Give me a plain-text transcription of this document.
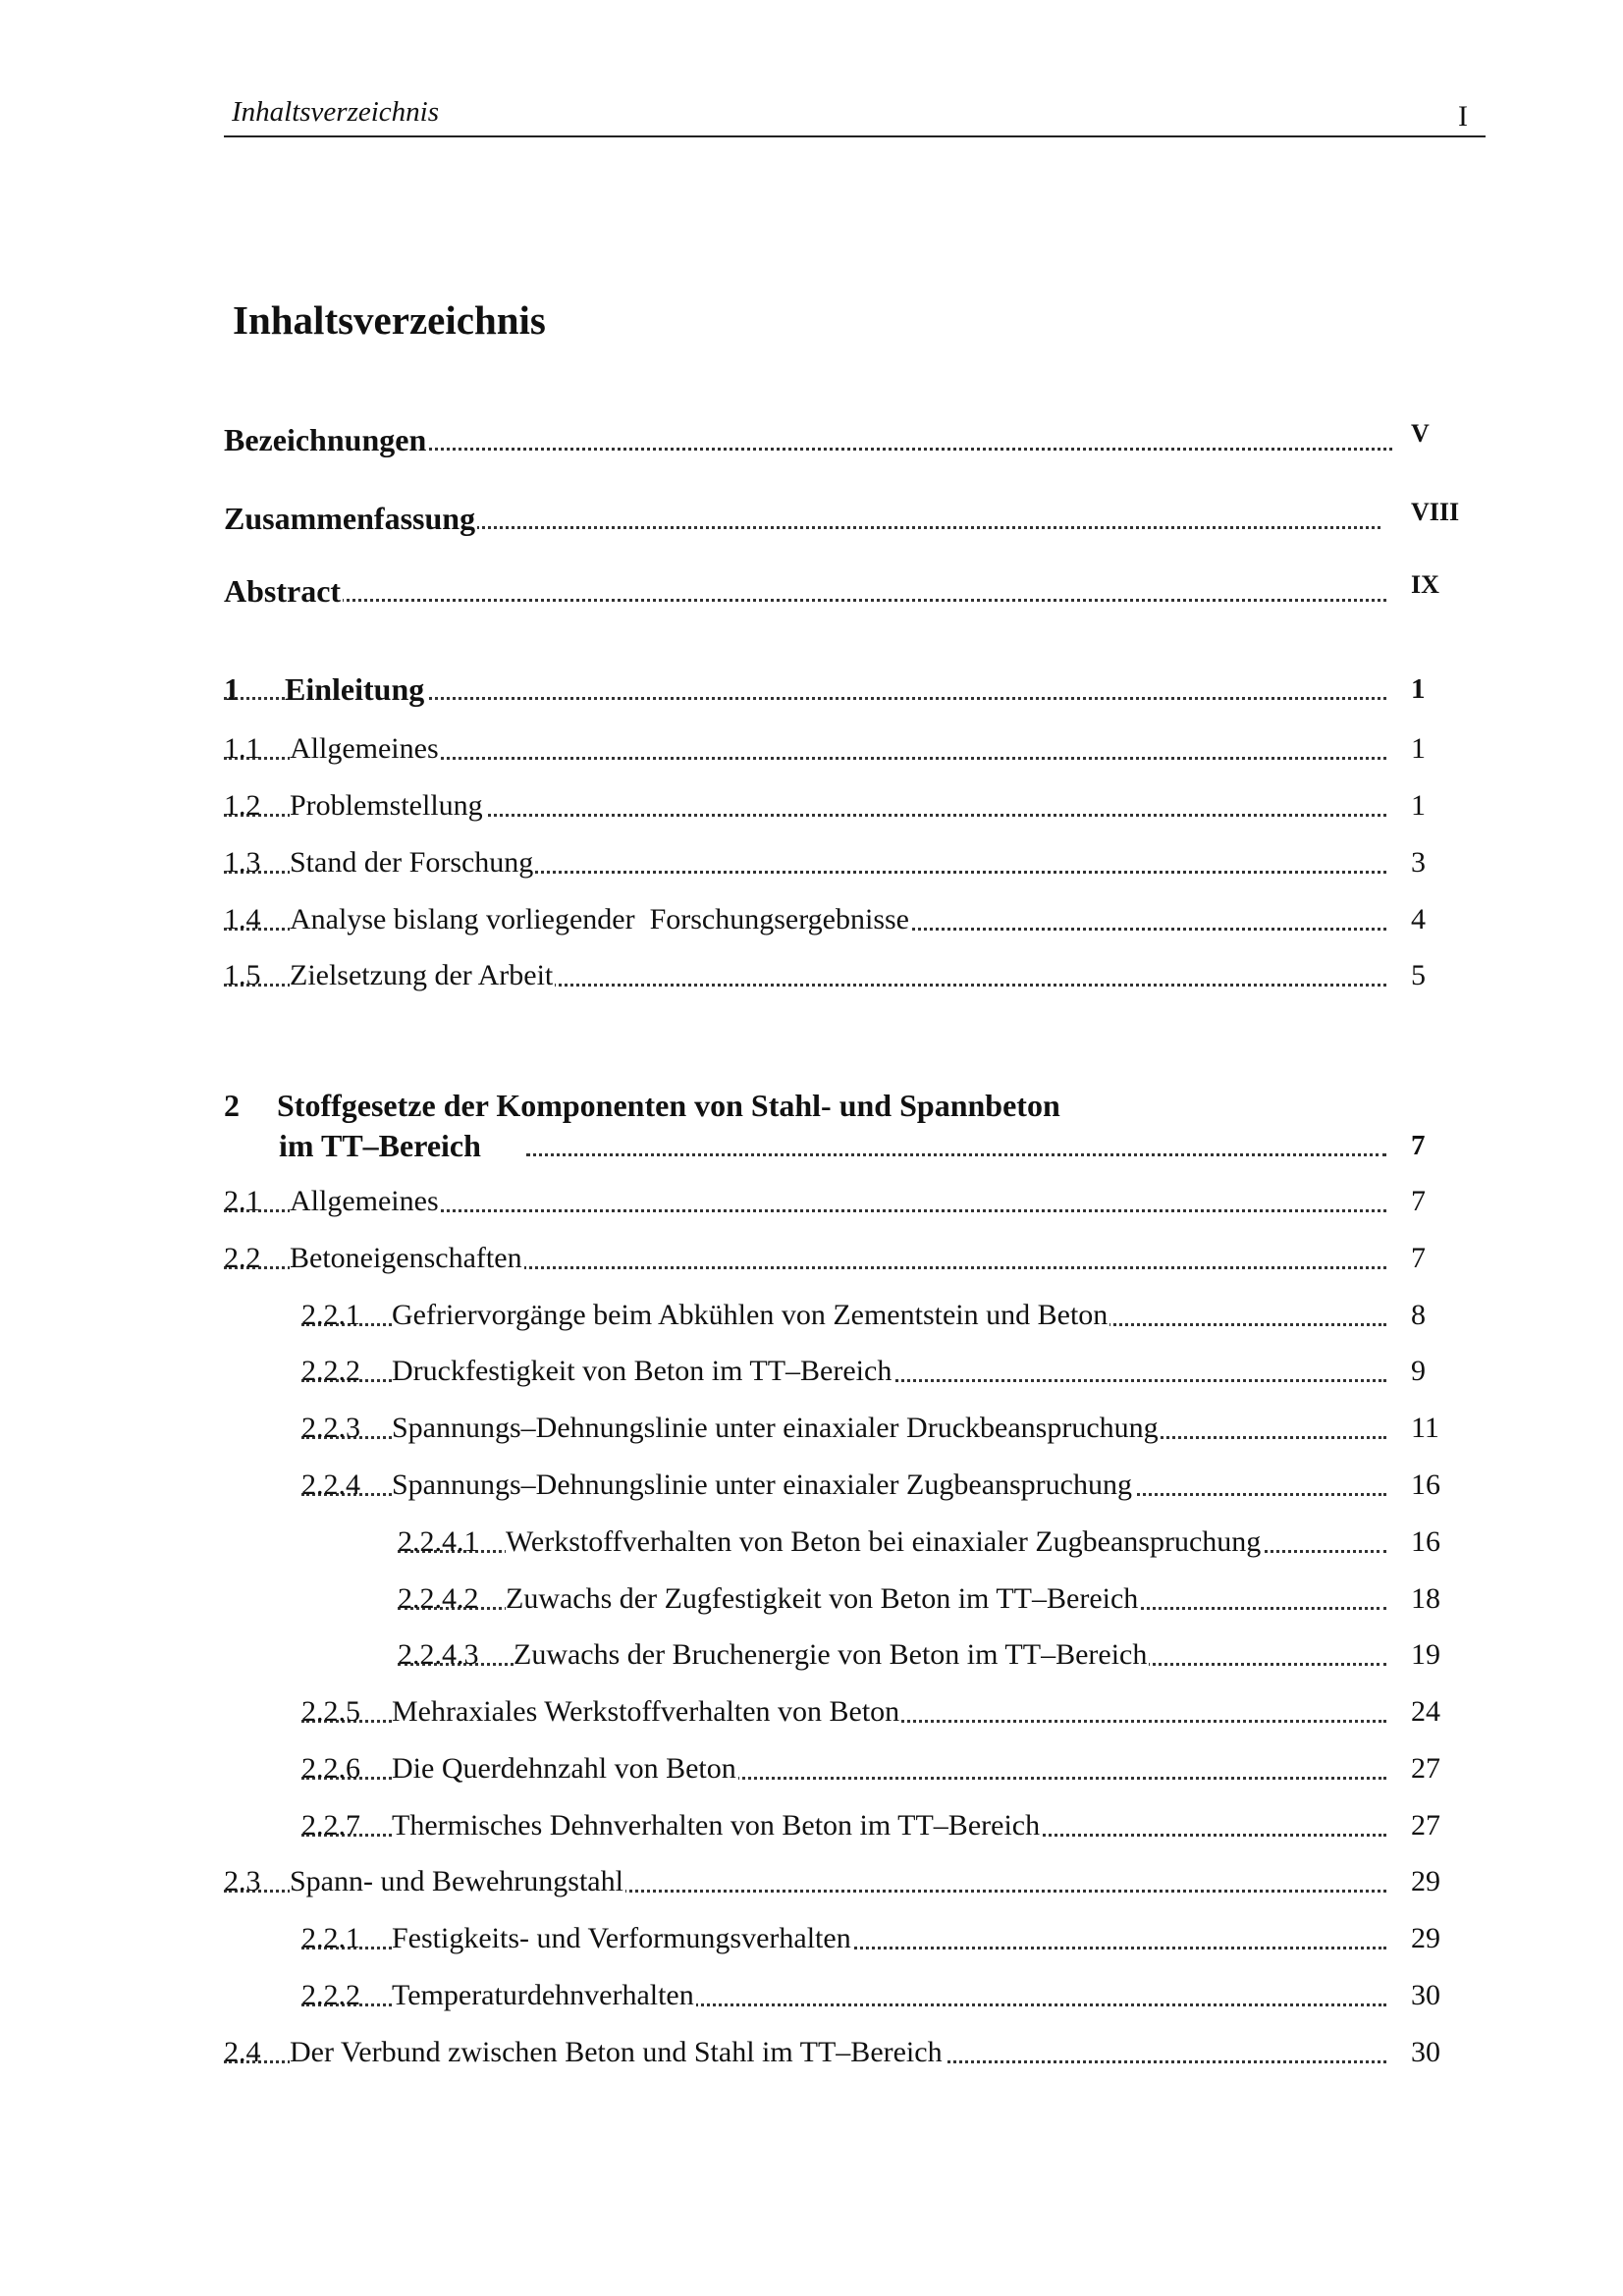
Inhaltsverzeichnis	I
Inhaltsverzeichnis
Bezeichnungen	V
Zusammenfassung	VIII
Abstract	IX
1 Einleitung	1
1.1 Allgemeines	1
1.2 Problemstellung	1
1.3 Stand der Forschung	3
1.4 Analyse bislang vorliegender  Forschungsergebnisse	4
1.5 Zielsetzung der Arbeit	5
2 Stoffgesetze der Komponenten von Stahl- und Spannbeton
im TT–Bereich	7
2.1 Allgemeines	7
2.2 Betoneigenschaften	7
2.2.1 Gefriervorgänge beim Abkühlen von Zementstein und Beton	8
2.2.2 Druckfestigkeit von Beton im TT–Bereich	9
2.2.3 Spannungs–Dehnungslinie unter einaxialer Druckbeanspruchung	11
2.2.4 Spannungs–Dehnungslinie unter einaxialer Zugbeanspruchung	16
2.2.4.1 Werkstoffverhalten von Beton bei einaxialer Zugbeanspruchung	16
2.2.4.2 Zuwachs der Zugfestigkeit von Beton im TT–Bereich	18
2.2.4.3 Zuwachs der Bruchenergie von Beton im TT–Bereich	19
2.2.5 Mehraxiales Werkstoffverhalten von Beton	24
2.2.6 Die Querdehnzahl von Beton	27
2.2.7 Thermisches Dehnverhalten von Beton im TT–Bereich	27
2.3 Spann- und Bewehrungstahl	29
2.2.1 Festigkeits- und Verformungsverhalten	29
2.2.2 Temperaturdehnverhalten	30
2.4 Der Verbund zwischen Beton und Stahl im TT–Bereich	30
